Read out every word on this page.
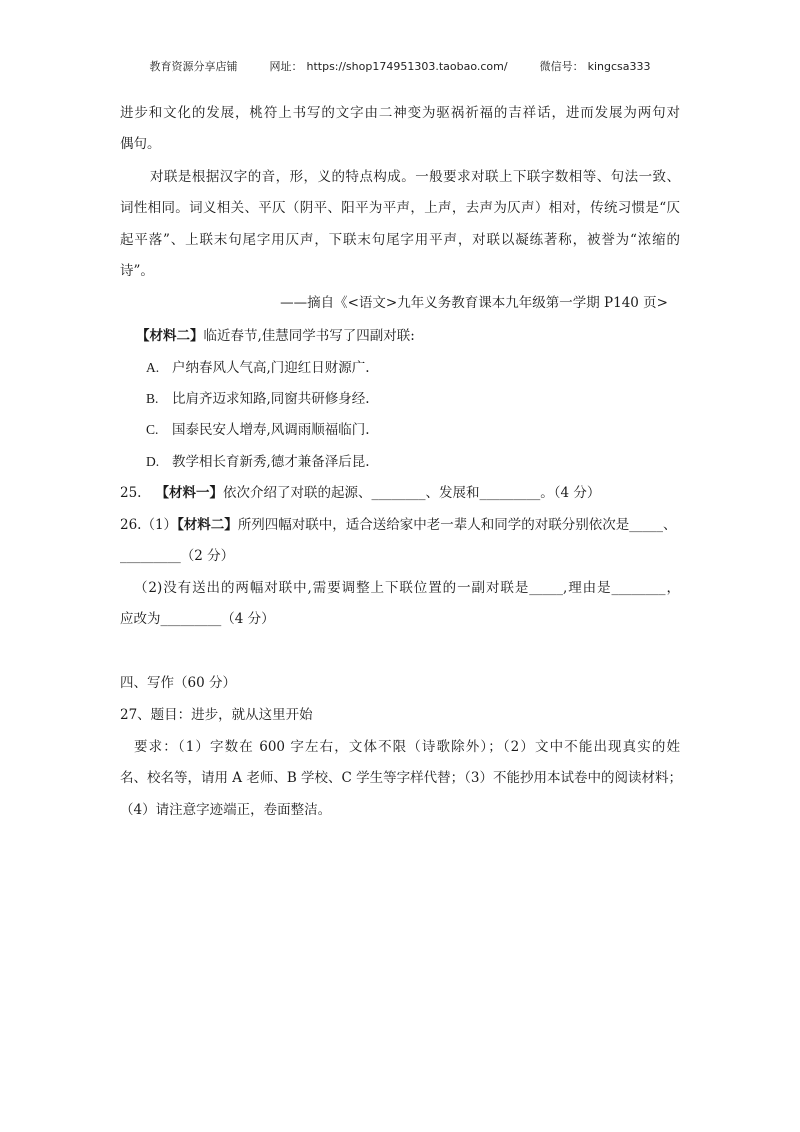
教育资源分享店铺	网址： https://shop174951303.taobao.com/	微信号： kingcsa333
进步和文化的发展，桃符上书写的文字由二神变为驱祸祈福的吉祥话，进而发展为两句对
偶句。
对联是根据汉字的音，形，义的特点构成。一般要求对联上下联字数相等、句法一致、
词性相同。词义相关、平仄（阴平、阳平为平声，上声，去声为仄声）相对，传统习惯是“仄
起平落”、上联末句尾字用仄声，下联末句尾字用平声，对联以凝练著称，被誉为“浓缩的
诗”。
——摘自《<语文>九年义务教育课本九年级第一学期 P140 页>
【材料二】临近春节,佳慧同学书写了四副对联:
A. 户纳春风人气高,门迎红日财源广.
B. 比肩齐迈求知路,同窗共研修身经.
C. 国泰民安人增寿,风调雨顺福临门.
D. 教学相长育新秀,德才兼备泽后昆.
25. 【材料一】依次介绍了对联的起源、________、发展和_________。（4 分）
26.（1）【材料二】所列四幅对联中，适合送给家中老一辈人和同学的对联分别依次是_____、
_________（2 分）
（2)没有送出的两幅对联中,需要调整上下联位置的一副对联是_____,理由是________，
应改为_________（4 分）
四、写作（60 分）
27、题目：进步，就从这里开始
要求：（1）字数在 600 字左右，文体不限（诗歌除外）；（2）文中不能出现真实的姓
名、校名等，请用 A 老师、B 学校、C 学生等字样代替；（3）不能抄用本试卷中的阅读材料；
（4）请注意字迹端正，卷面整洁。
